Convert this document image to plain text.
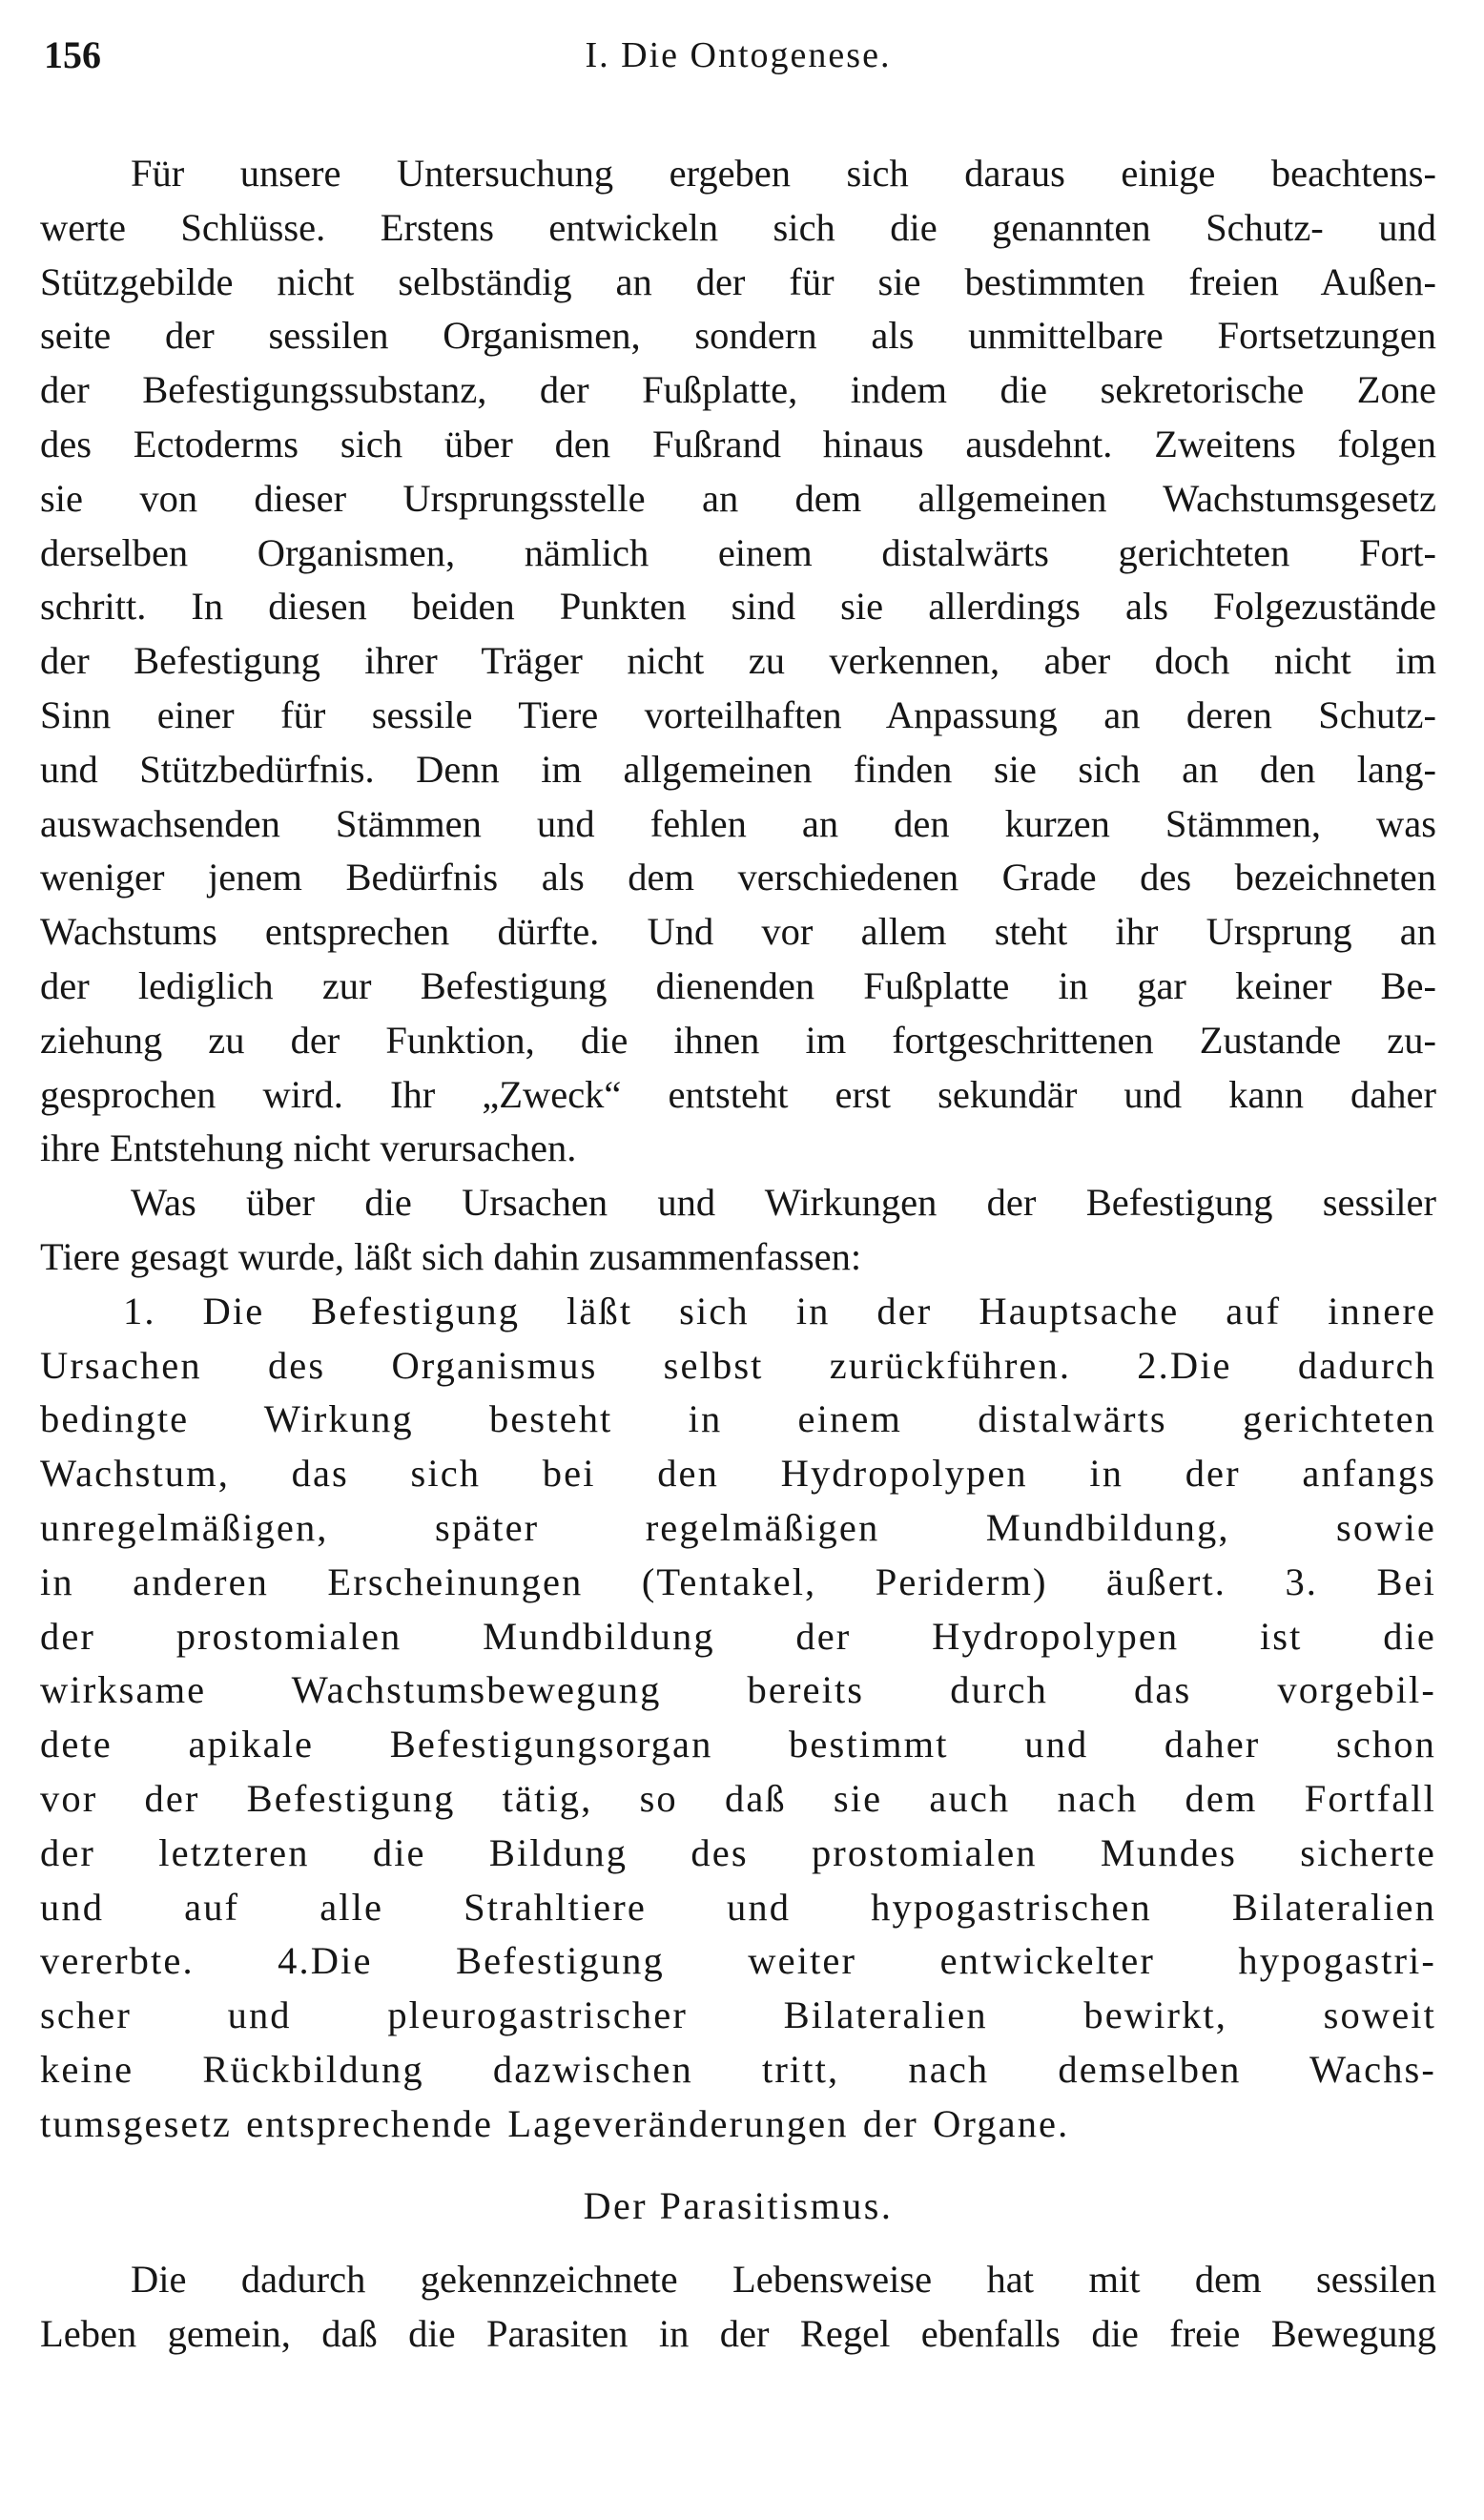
156	I. Die Ontogenese.

Für unsere Untersuchung ergeben sich daraus einige beachtens-

werte Schlüsse. Erstens entwickeln sich die genannten Schutz- und

Stützgebilde nicht selbständig an der für sie bestimmten freien Außen-

seite der sessilen Organismen, sondern als unmittelbare Fortsetzungen

der Befestigungssubstanz, der Fußplatte, indem die sekretorische Zone

des Ectoderms sich über den Fußrand hinaus ausdehnt. Zweitens folgen

sie von dieser Ursprungsstelle an dem allgemeinen Wachstumsgesetz

derselben Organismen, nämlich einem distalwärts gerichteten Fort-

schritt. In diesen beiden Punkten sind sie allerdings als Folgezustände

der Befestigung ihrer Träger nicht zu verkennen, aber doch nicht im

Sinn einer für sessile Tiere vorteilhaften Anpassung an deren Schutz-

und Stützbedürfnis. Denn im allgemeinen finden sie sich an den lang-

auswachsenden Stämmen und fehlen an den kurzen Stämmen, was

weniger jenem Bedürfnis als dem verschiedenen Grade des bezeichneten

Wachstums entsprechen dürfte. Und vor allem steht ihr Ursprung an

der lediglich zur Befestigung dienenden Fußplatte in gar keiner Be-

ziehung zu der Funktion, die ihnen im fortgeschrittenen Zustande zu-

gesprochen wird. Ihr „Zweck“ entsteht erst sekundär und kann daher

ihre Entstehung nicht verursachen.

Was über die Ursachen und Wirkungen der Befestigung sessiler

Tiere gesagt wurde, läßt sich dahin zusammenfassen:

1. Die Befestigung läßt sich in der Hauptsache auf innere

Ursachen des Organismus selbst zurückführen. 2.Die dadurch

bedingte Wirkung besteht in einem distalwärts gerichteten

Wachstum, das sich bei den Hydropolypen in der anfangs

unregelmäßigen, später regelmäßigen Mundbildung, sowie

in anderen Erscheinungen (Tentakel, Periderm) äußert. 3. Bei

der prostomialen Mundbildung der Hydropolypen ist die

wirksame Wachstumsbewegung bereits durch das vorgebil-

dete apikale Befestigungsorgan bestimmt und daher schon

vor der Befestigung tätig, so daß sie auch nach dem Fortfall

der letzteren die Bildung des prostomialen Mundes sicherte

und auf alle Strahltiere und hypogastrischen Bilateralien

vererbte. 4.Die Befestigung weiter entwickelter hypogastri-

scher und pleurogastrischer Bilateralien bewirkt, soweit

keine Rückbildung dazwischen tritt, nach demselben Wachs-

tumsgesetz entsprechende Lageveränderungen der Organe.

Der Parasitismus.

Die dadurch gekennzeichnete Lebensweise hat mit dem sessilen

Leben gemein, daß die Parasiten in der Regel ebenfalls die freie Bewegung
